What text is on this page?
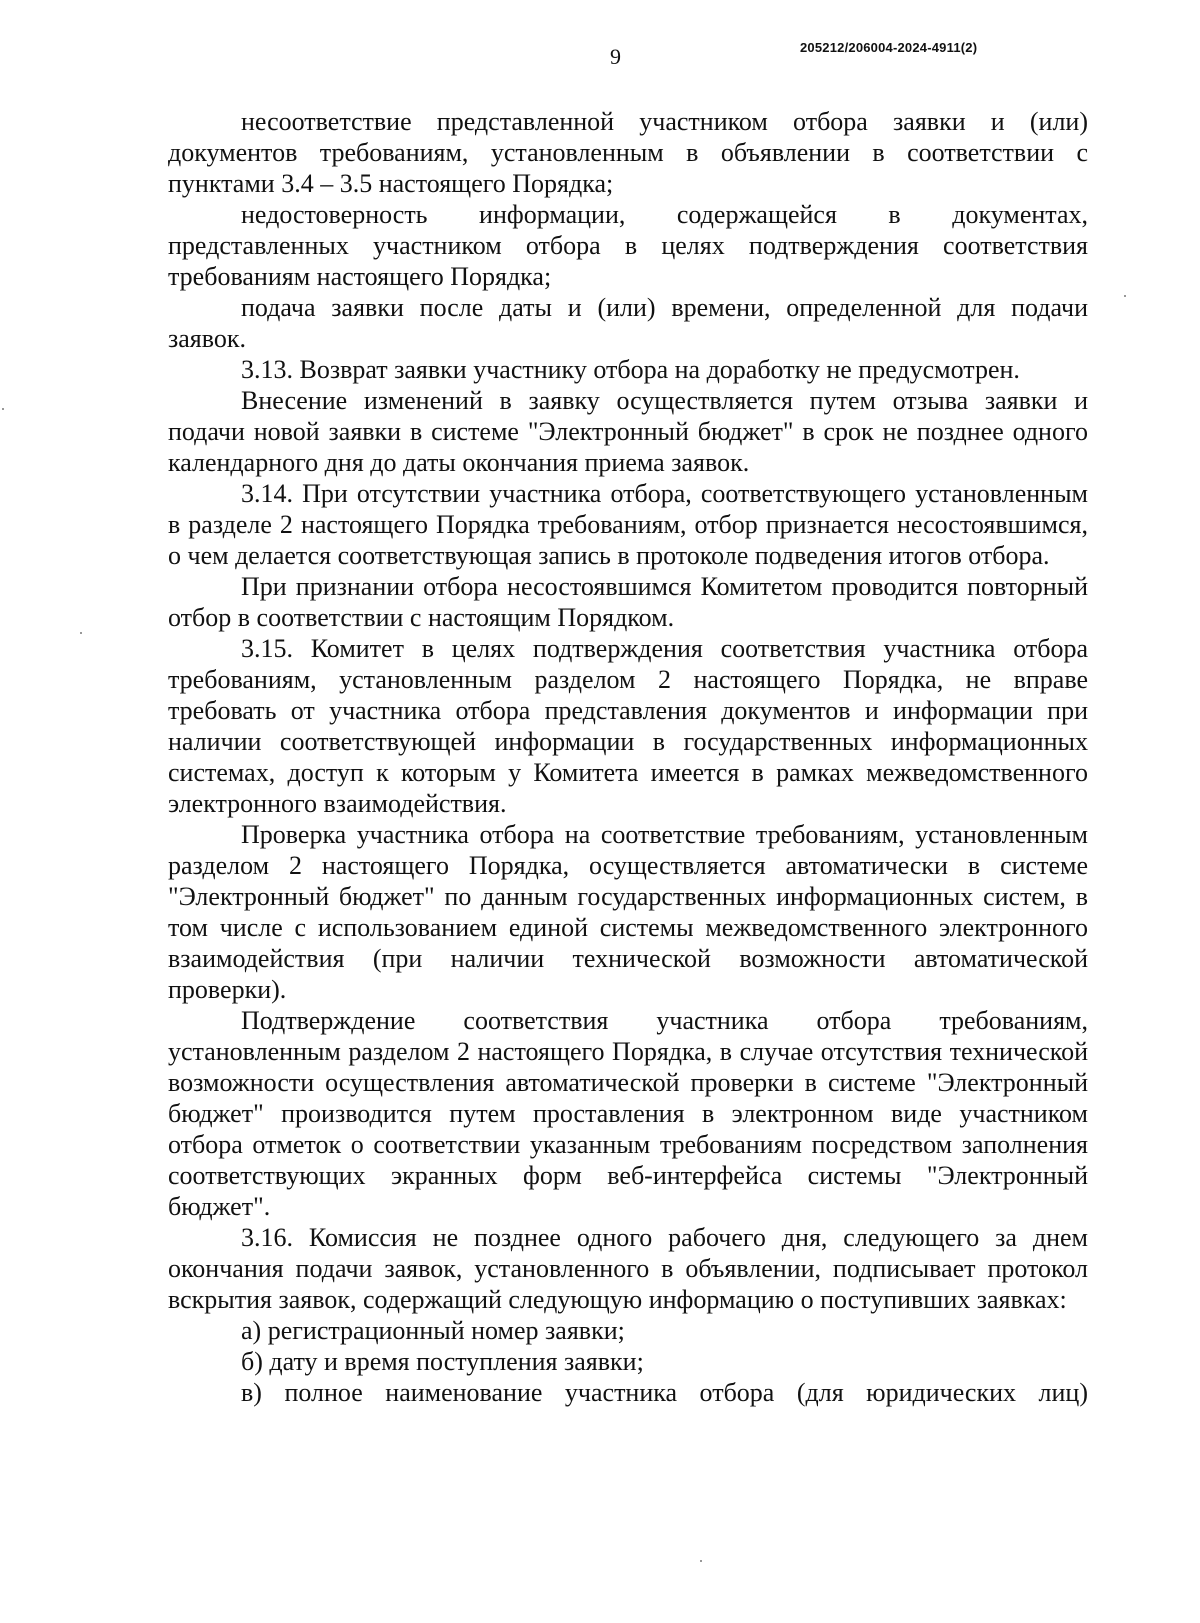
9	205212/206004-2024-4911(2)

несоответствие представленной участником отбора заявки и (или) документов требованиям, установленным в объявлении в соответствии с пунктами 3.4 – 3.5 настоящего Порядка;

недостоверность информации, содержащейся в документах, представленных участником отбора в целях подтверждения соответствия требованиям настоящего Порядка;

подача заявки после даты и (или) времени, определенной для подачи заявок.

3.13. Возврат заявки участнику отбора на доработку не предусмотрен.

Внесение изменений в заявку осуществляется путем отзыва заявки и подачи новой заявки в системе "Электронный бюджет" в срок не позднее одного календарного дня до даты окончания приема заявок.

3.14. При отсутствии участника отбора, соответствующего установленным в разделе 2 настоящего Порядка требованиям, отбор признается несостоявшимся, о чем делается соответствующая запись в протоколе подведения итогов отбора.

При признании отбора несостоявшимся Комитетом проводится повторный отбор в соответствии с настоящим Порядком.

3.15. Комитет в целях подтверждения соответствия участника отбора требованиям, установленным разделом 2 настоящего Порядка, не вправе требовать от участника отбора представления документов и информации при наличии соответствующей информации в государственных информационных системах, доступ к которым у Комитета имеется в рамках межведомственного электронного взаимодействия.

Проверка участника отбора на соответствие требованиям, установленным разделом 2 настоящего Порядка, осуществляется автоматически в системе "Электронный бюджет" по данным государственных информационных систем, в том числе с использованием единой системы межведомственного электронного взаимодействия (при наличии технической возможности автоматической проверки).

Подтверждение соответствия участника отбора требованиям, установленным разделом 2 настоящего Порядка, в случае отсутствия технической возможности осуществления автоматической проверки в системе "Электронный бюджет" производится путем проставления в электронном виде участником отбора отметок о соответствии указанным требованиям посредством заполнения соответствующих экранных форм веб-интерфейса системы "Электронный бюджет".

3.16. Комиссия не позднее одного рабочего дня, следующего за днем окончания подачи заявок, установленного в объявлении, подписывает протокол вскрытия заявок, содержащий следующую информацию о поступивших заявках:

а) регистрационный номер заявки;

б) дату и время поступления заявки;

в) полное наименование участника отбора (для юридических лиц)
